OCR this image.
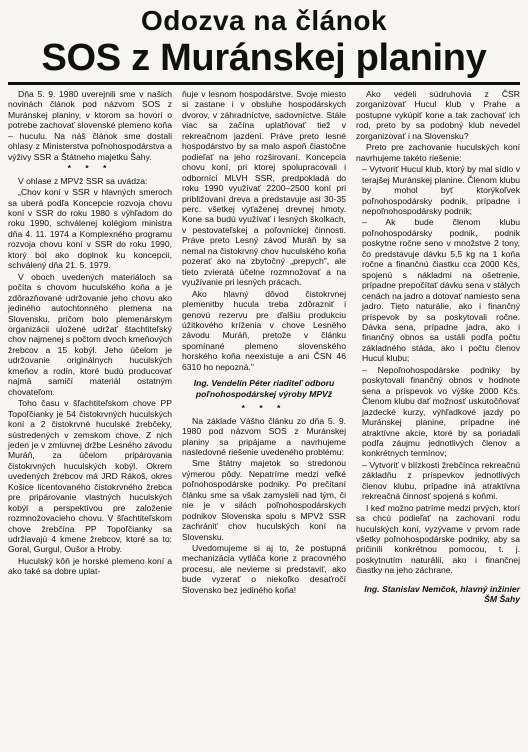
Odozva na článok
SOS z Muránskej planiny

Dňa 5. 9. 1980 uverejnili sme v našich novinách článok pod názvom SOS z Muránskej planiny, v ktorom sa hovorí o potrebe zachovať slovenské plemeno koňa – huculu. Na náš článok sme dostali ohlasy z Ministerstva poľnohospodárstva a výživy SSR a Štátneho majetku Šahy.

* * *

V ohlase z MPVž SSR sa uvádza:

„Chov koní v SSR v hlavných smeroch sa uberá podľa Koncepcie rozvoja chovu koní v SSR do roku 1980 s výhľadom do roku 1990, schválenej kolégiom ministra dňa 4. 11. 1974 a Komplexného programu rozvoja chovu koní v SSR do roku 1990, ktorý bol ako doplnok ku koncepcii, schválený dňa 21. 5. 1979.

V oboch uvedených materiáloch sa počíta s chovom huculského koňa a je zdôrazňované udržovanie jeho chovu ako jediného autochtonného plemena na Slovensku, pričom bolo plemenárskym organizácii uložené udržať štachtiteľský chov najmenej s počtom dvoch kmeňových žrebcov a 15 kobýl. Jeho účelom je udržovanie originálnych huculských kmeňov a rodín, ktoré budú producovať najmä samičí materiál ostatným chovateľom.

Toho času v šľachtiteľskom chove PP Topoľčianky je 54 čistokrvných huculských koní a 2 čistokrvné huculské žrebčeky, sústredených v zemskom chove. Z nich jeden je v zmluvnej držbe Lesného závodu Muráň, za účelom pripárovania čistokrvných huculských kobýl. Okrem uvedených žrebcov má JRD Rákoš, okres Košice licentovaného čistokrvného žrebca pre pripárovanie vlastných huculských kobýl a perspektívou pre založenie rozmnožovacieho chovu. V šľachtiteľskom chove žrebčína PP Topoľčianky sa udržiavajú 4 kmene žrebcov, ktoré sa to: Goral, Gurgul, Oušor a Hroby.

Huculský kôň je horské plemeno koní a ako také sa dobre uplat-

ňuje v lesnom hospodárstve. Svoje miesto si zastane i v obsluhe hospodárskych dvorov, v záhradníctve, sadovníctve. Stále viac sa začína uplatňovať tiež v rekreačnom jazdení. Práve preto lesné hospodárstvo by sa malo aspoň čiastočne podieľať na jeho rozširovaní. Koncepcia chovu koní, pri ktorej spolupracovali i odborníci MLVH SSR, predpokladá do roku 1990 využívať 2200–2500 koní pri približovaní dreva a predstavuje asi 30-35 perc. všetkej vyťaženej drevnej hmoty. Kone sa budú využívať i lesných školkach, v pestovateľskej a poľovníckej činnosti. Práve preto Lesný závod Muráň by sa nemal na čistokrvný chov huculského koňa pozerať ako na zbytočný „prepych", ale tieto zvieratá účelne rozmnožovať a na využívanie pri lesných prácach.

Ako hlavný dôvod čistokrvnej plemenitby hucula treba zdôrazniť i genovú rezervu pre ďalšiu produkciu úžitkového kríženia v chove Lesného závodu Muráň, pretože v článku spomínané plemeno slovenského horského koňa neexistuje a ani ČSN 46 6310 ho nepozná."

Ing. Vendelín Péter riaditeľ odboru poľnohospodárskej výroby MPVž
* * *

Na základe Vášho článku zo dňa 5. 9. 1980 pod názvom SOS z Muránskej planiny sa pripájame a navrhujeme nasledovné riešenie uvedeného problému:

Sme štátny majetok so stredonou výmerou pôdy. Nepatríme medzi veľké poľnohospodárske podniky. Po prečítaní článku sme sa však zamysleli nad tým, či nie je v silách poľnohospodárskych podnikov Slovenska spolu s MPVž SSR zachrániť chov huculských koní na Slovensku.

Uvedomujeme si aj to, že postupná mechanizácia vytláča kone z pracovného procesu, ale nevieme si predstaviť, ako bude vyzerať o niekoľko desaťročí Slovensko bez jediného koňa!

Ako vedeli súdruhovia z ČSR zorganizovať Hucul klub v Prahe a postupne vykúpiť kone a tak zachovať ich rod, preto by sa podobný klub nevedel zorganizovať i na Slovensku?

Preto pre zachovanie huculských koní navrhujeme takéto riešenie:

– Vytvoriť Hucul klub, ktorý by mal sídlo v terajšej Muránskej planine. Členom klubu by mohol byť ktorýkoľvek poľnohospodársky podnik, prípadne i nepoľnohospodársky podnik;

– Ak bude členom klubu poľnohospodársky podnik, podnik poskytne ročne seno v množstve 2 tony, čo predstavuje dávku 5,5 kg na 1 koňa ročne a finančnú čiastku cca 2000 Kčs, spojenú s nákladmi na ošetrenie, prípadne prepočítať dávku sena v stálych cenách na jadro a dotovať namiesto sena jadro. Tieto naturálie, ako i finančný príspevok by sa poskytovali ročne. Dávka sena, prípadne jadra, ako i finančný obnos sa ustáli podľa počtu základného stáda, ako i počtu členov Hucul klubu;

– Nepoľnohospodárske podniky by poskytovali finančný obnos v hodnote sena a príspevok vo výške 2000 Kčs. Členom klubu dať možnosť uskutočňovať jazdecké kurzy, výhľadkové jazdy po Muránskej planine, prípadne iné atraktívne akcie, ktoré by sa poriadali podľa záujmu jednotlivých členov a konkrétnych termínov;

– Vytvoriť v blízkosti žrebčínca rekreačnú základňu z príspevkov jednotlivých členov klubu, prípadne iná atraktívna rekreačná činnosť spojená s koňmi.

I keď možno patríme medzi prvých, ktorí sa chcú podieľať na zachovaní rodu huculských koní, vyzývame v prvom rade všetky poľnohospodárske podniky, aby sa pričinili konkrétnou pomocou, t. j. poskytnutím naturálií, ako i finančnej čiastky na jeho záchrane.

Ing. Stanislav Nemčok, hlavný inžinier ŠM Šahy
